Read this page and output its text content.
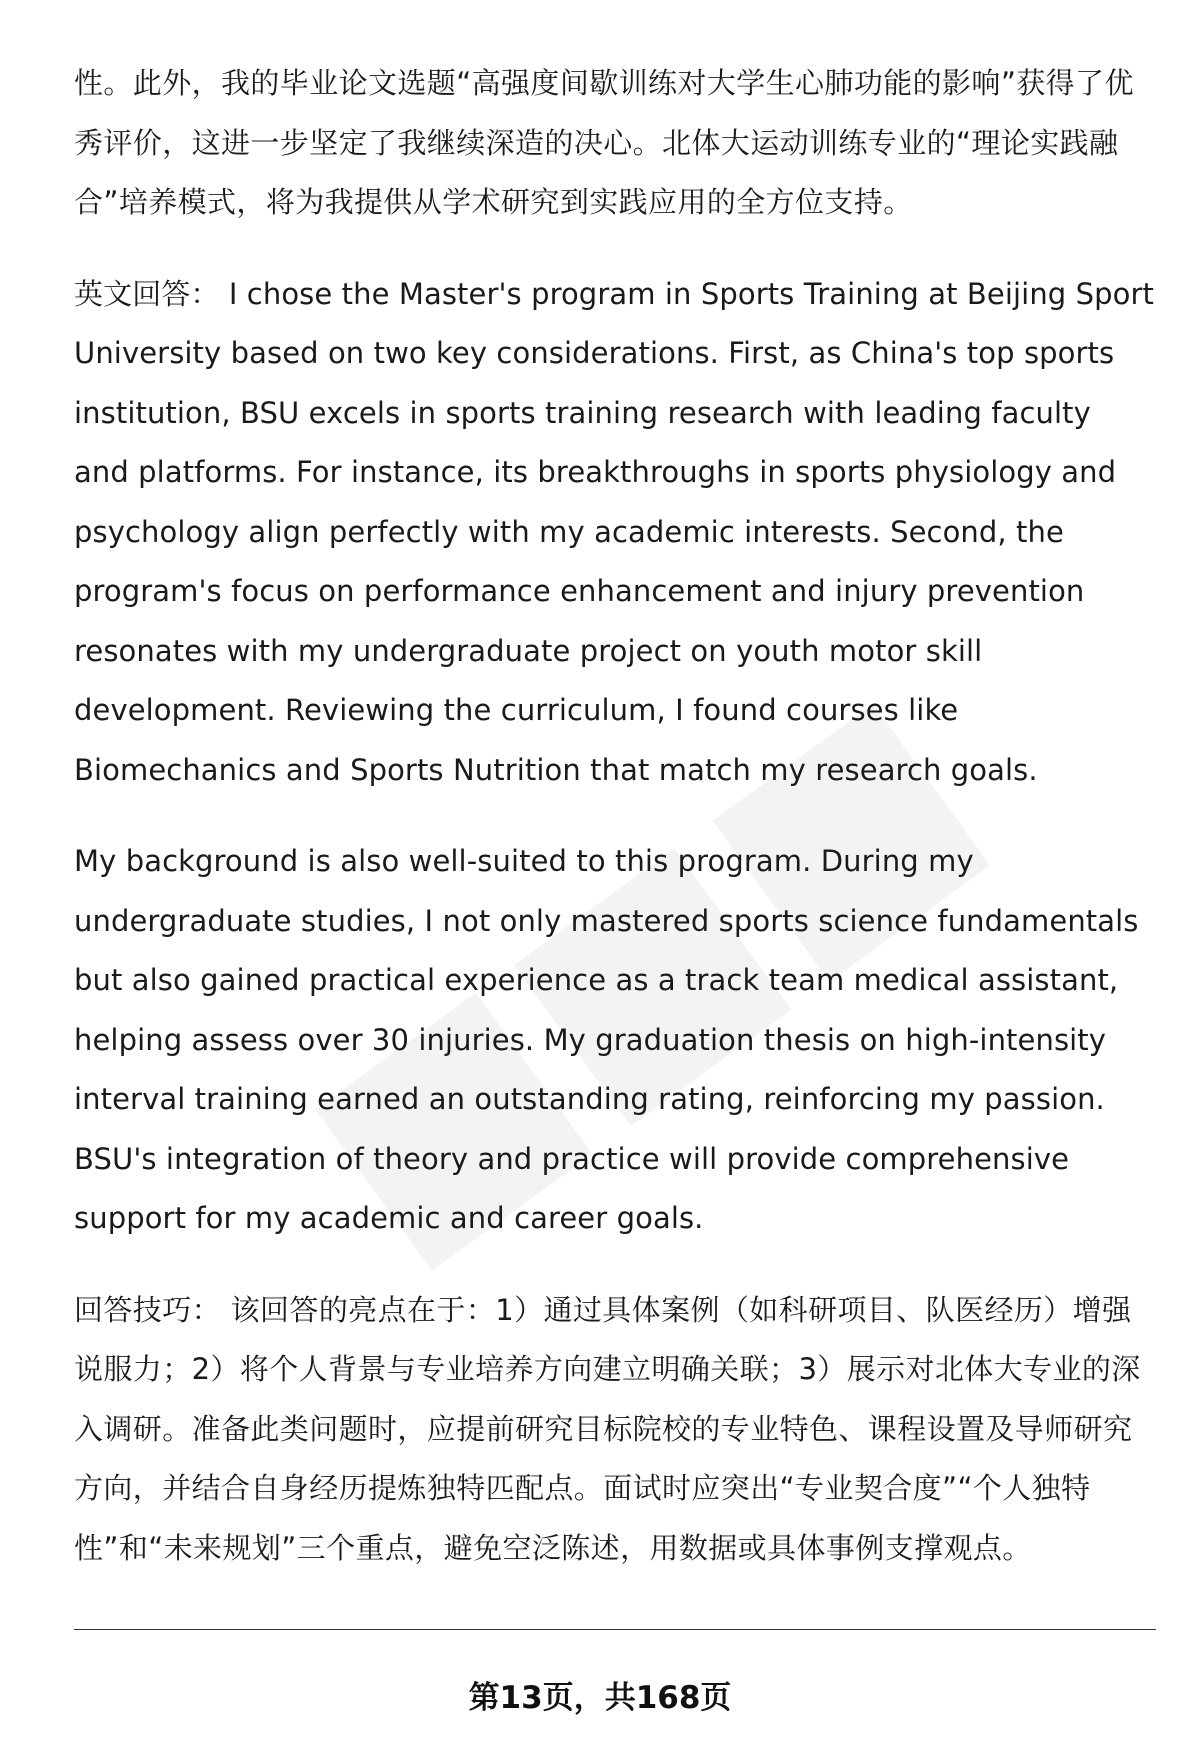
性。此外，我的毕业论文选题“高强度间歇训练对大学生心肺功能的影响”获得了优秀评价，这进一步坚定了我继续深造的决心。北体大运动训练专业的“理论实践融合”培养模式，将为我提供从学术研究到实践应用的全方位支持。

英文回答： I chose the Master's program in Sports Training at Beijing Sport University based on two key considerations. First, as China's top sports institution, BSU excels in sports training research with leading faculty and platforms. For instance, its breakthroughs in sports physiology and psychology align perfectly with my academic interests. Second, the program's focus on performance enhancement and injury prevention resonates with my undergraduate project on youth motor skill development. Reviewing the curriculum, I found courses like Biomechanics and Sports Nutrition that match my research goals.

My background is also well-suited to this program. During my undergraduate studies, I not only mastered sports science fundamentals but also gained practical experience as a track team medical assistant, helping assess over 30 injuries. My graduation thesis on high-intensity interval training earned an outstanding rating, reinforcing my passion. BSU's integration of theory and practice will provide comprehensive support for my academic and career goals.

回答技巧： 该回答的亮点在于：1）通过具体案例（如科研项目、队医经历）增强说服力；2）将个人背景与专业培养方向建立明确关联；3）展示对北体大专业的深入调研。准备此类问题时，应提前研究目标院校的专业特色、课程设置及导师研究方向，并结合自身经历提炼独特匹配点。面试时应突出“专业契合度”“个人独特性”和“未来规划”三个重点，避免空泛陈述，用数据或具体事例支撑观点。

第13页，共168页
